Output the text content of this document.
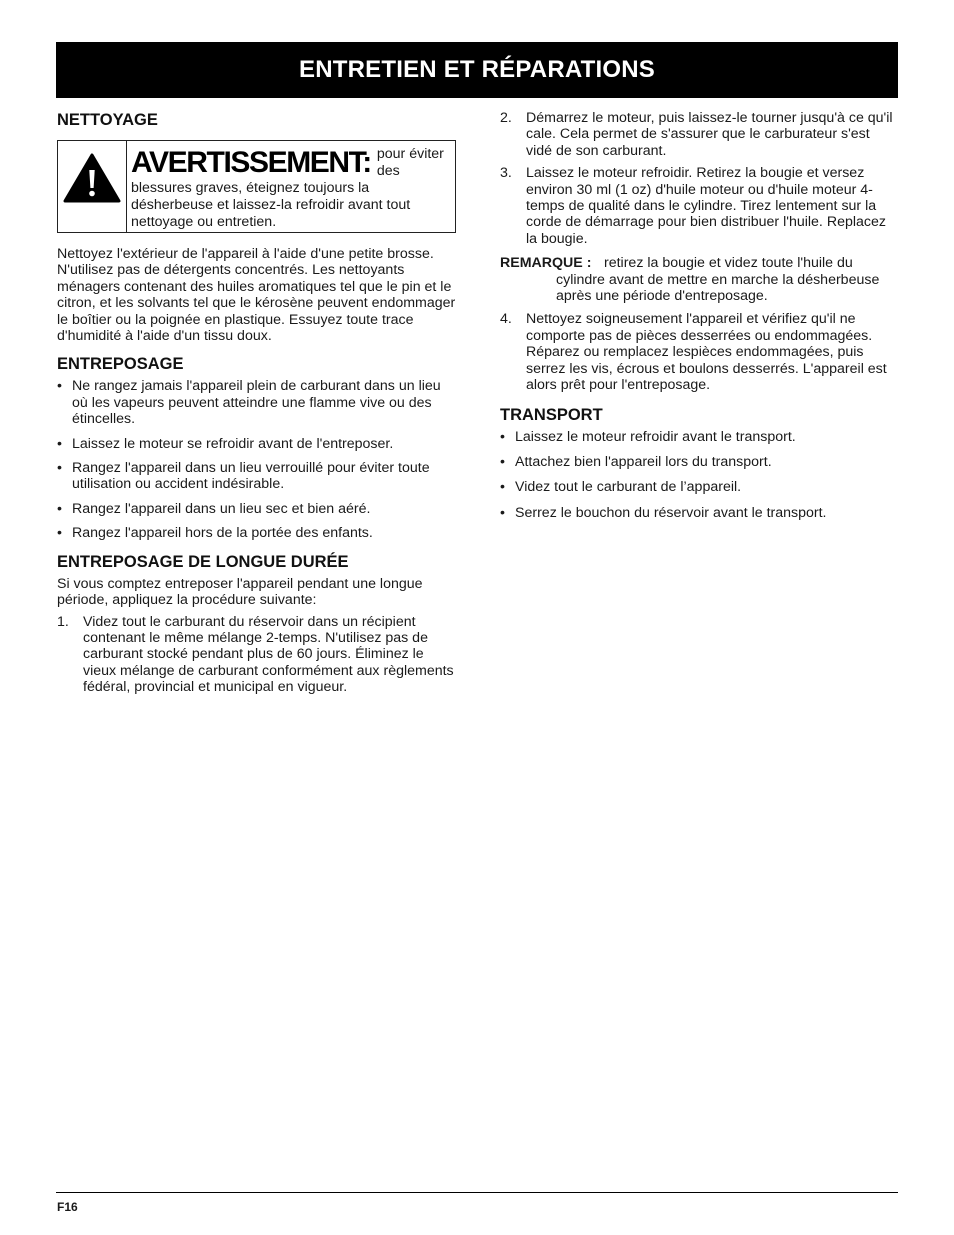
ENTRETIEN ET RÉPARATIONS
NETTOYAGE
AVERTISSEMENT: pour éviter des blessures graves, éteignez toujours la désherbeuse et laissez-la refroidir avant tout nettoyage ou entretien.

Nettoyez l'extérieur de l'appareil à l'aide d'une petite brosse. N'utilisez pas de détergents concentrés. Les nettoyants ménagers contenant des huiles aromatiques tel que le pin et le citron, et les solvants tel que le kérosène peuvent endommager le boîtier ou la poignée en plastique. Essuyez toute trace d'humidité à l'aide d'un tissu doux.

ENTREPOSAGE
• Ne rangez jamais l'appareil plein de carburant dans un lieu où les vapeurs peuvent atteindre une flamme vive ou des étincelles.
• Laissez le moteur se refroidir avant de l'entreposer.
• Rangez l'appareil dans un lieu verrouillé pour éviter toute utilisation ou accident indésirable.
• Rangez l'appareil dans un lieu sec et bien aéré.
• Rangez l'appareil hors de la portée des enfants.
ENTREPOSAGE DE LONGUE DURÉE

Si vous comptez entreposer l'appareil pendant une longue période, appliquez la procédure suivante:

1. Videz tout le carburant du réservoir dans un récipient contenant le même mélange 2-temps. N'utilisez pas de carburant stocké pendant plus de 60 jours. Éliminez le vieux mélange de carburant conformément aux règlements fédéral, provincial et municipal en vigueur.
2. Démarrez le moteur, puis laissez-le tourner jusqu'à ce qu'il cale. Cela permet de s'assurer que le carburateur s'est vidé de son carburant.
3. Laissez le moteur refroidir. Retirez la bougie et versez environ 30 ml (1 oz) d'huile moteur ou d'huile moteur 4-temps de qualité dans le cylindre. Tirez lentement sur la corde de démarrage pour bien distribuer l'huile. Replacez la bougie.
REMARQUE : retirez la bougie et videz toute l'huile du cylindre avant de mettre en marche la désherbeuse après une période d'entreposage.
4. Nettoyez soigneusement l'appareil et vérifiez qu'il ne comporte pas de pièces desserrées ou endommagées. Réparez ou remplacez lespièces endommagées, puis serrez les vis, écrous et boulons desserrés. L'appareil est alors prêt pour l'entreposage.
TRANSPORT
• Laissez le moteur refroidir avant le transport.
• Attachez bien l'appareil lors du transport.
• Videz tout le carburant de l’appareil.
• Serrez le bouchon du réservoir avant le transport.
F16
